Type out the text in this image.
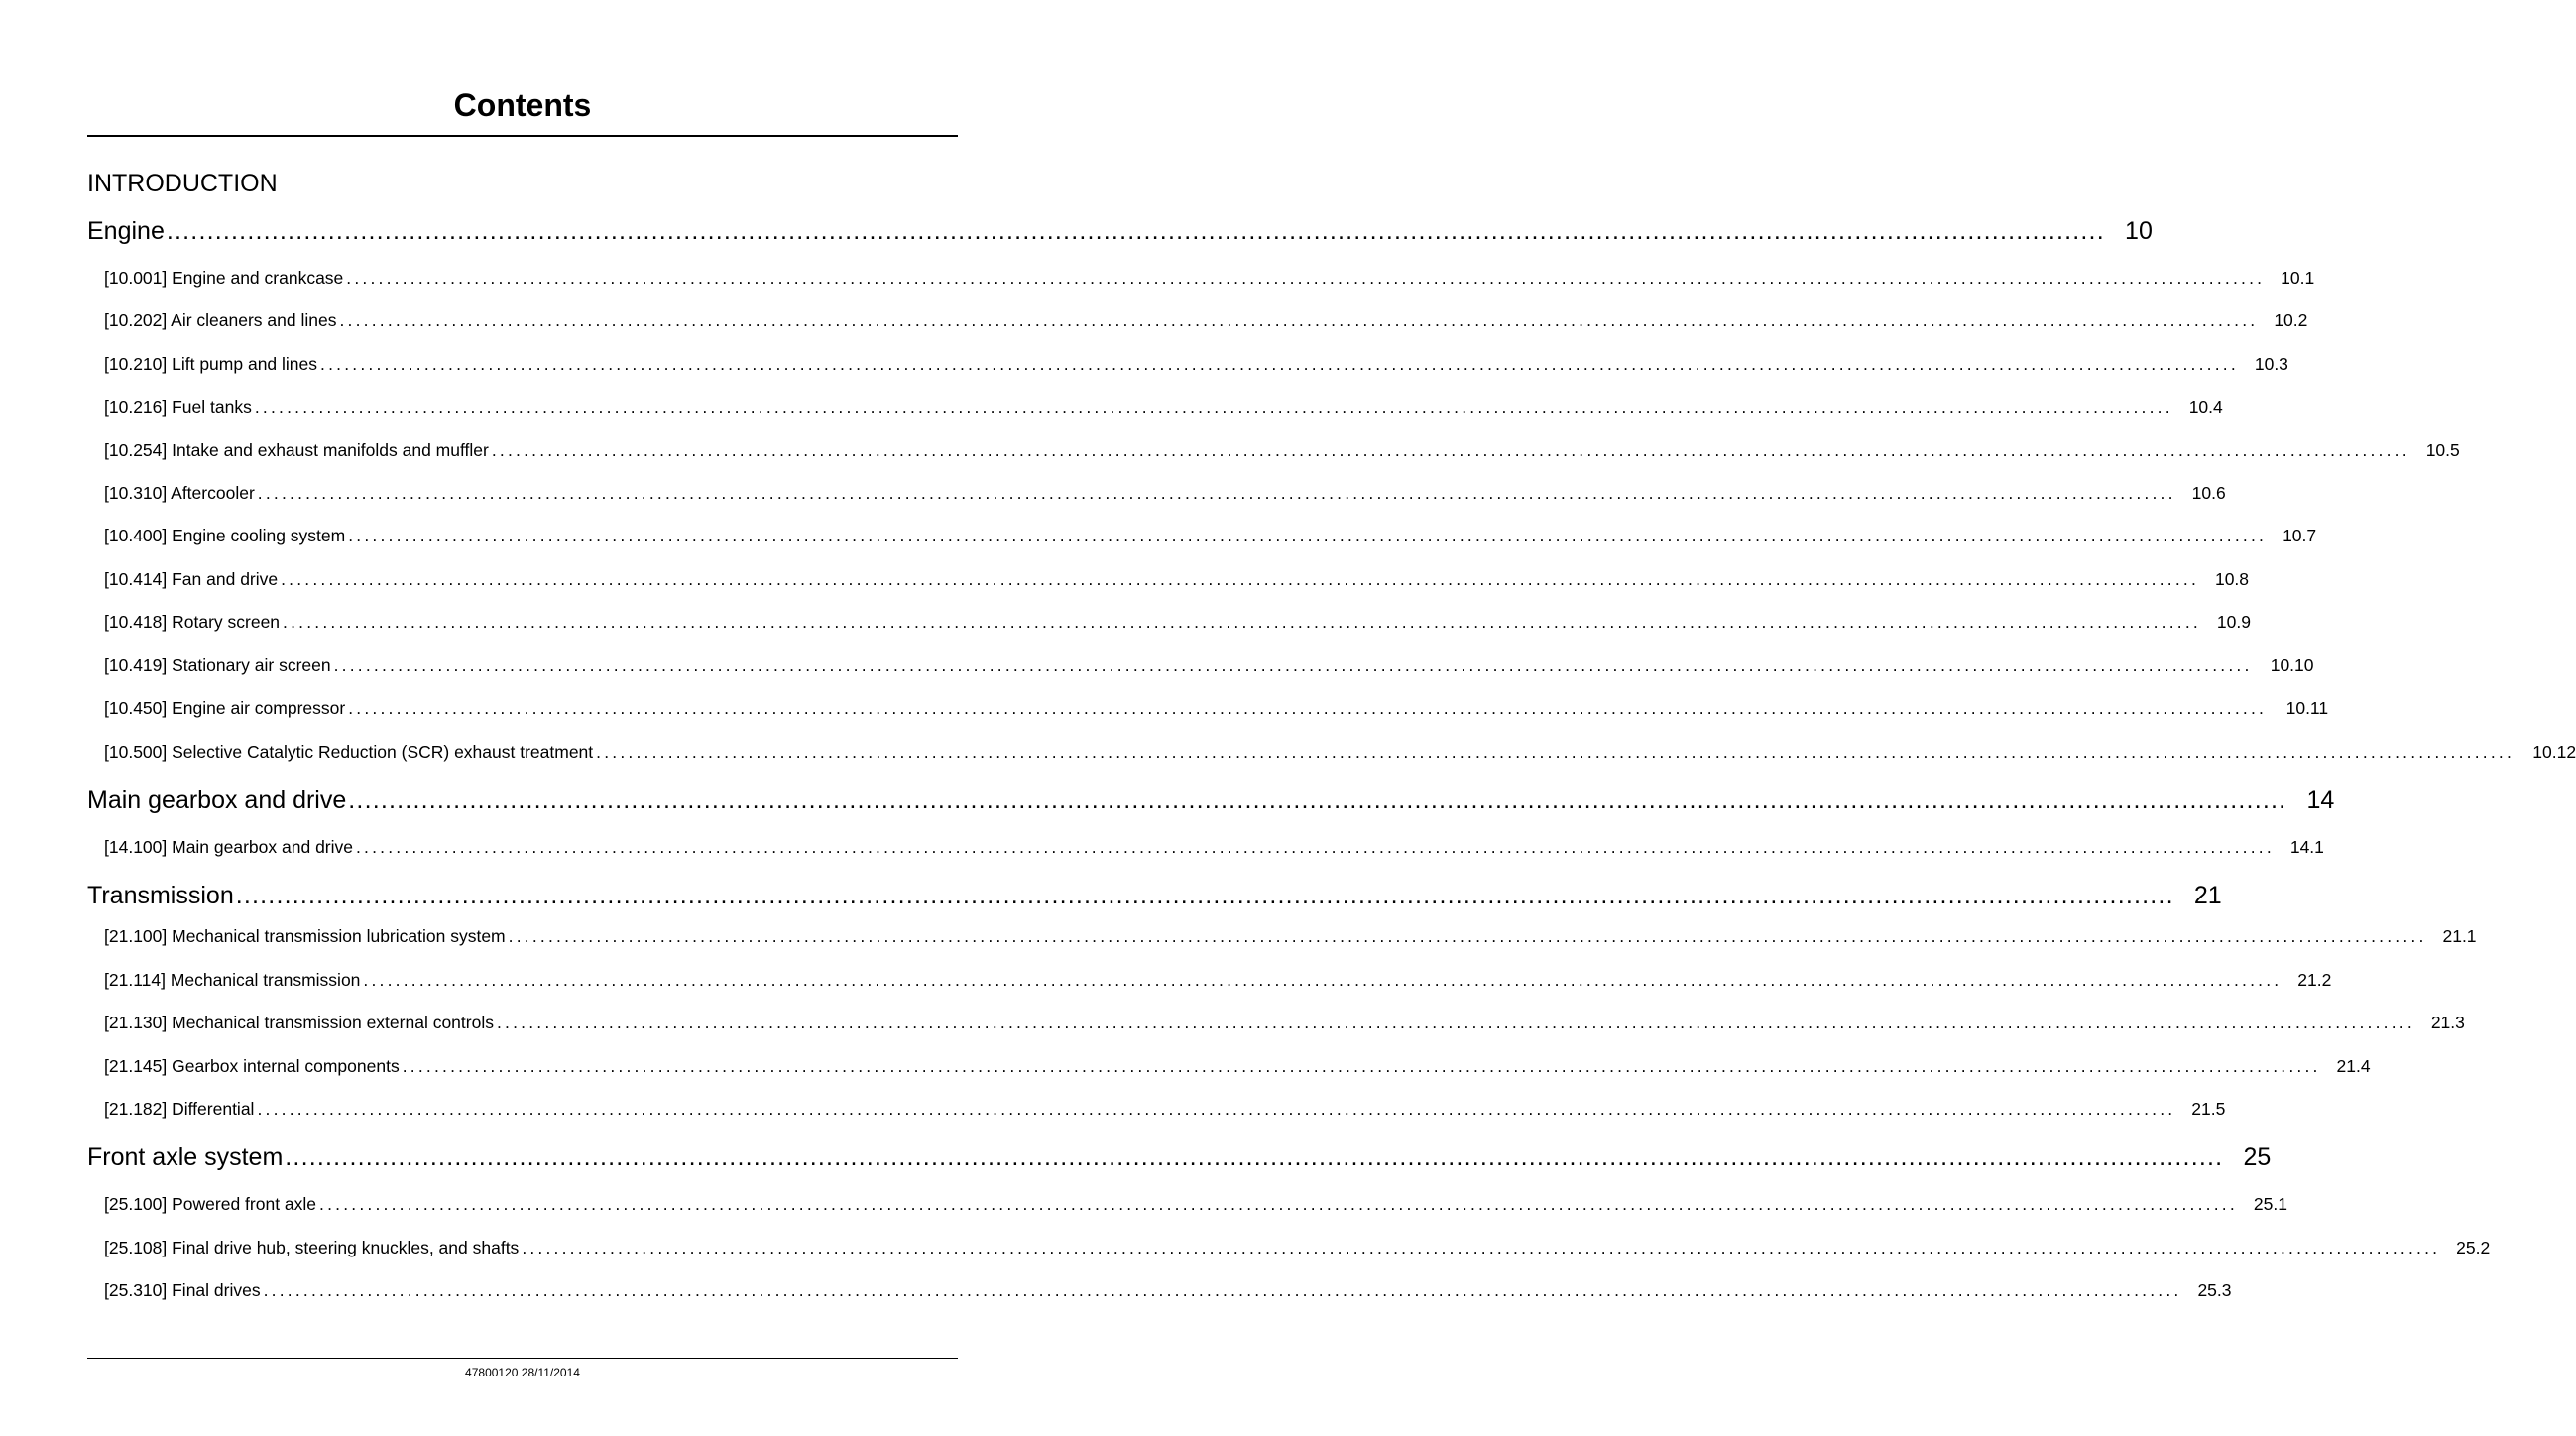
Contents
INTRODUCTION
Engine ................................................................................................................................................................................................................................................ 10
[10.001] Engine and crankcase ................................................................................................................................................................................................................................................ 10.1
[10.202] Air cleaners and lines ................................................................................................................................................................................................................................................ 10.2
[10.210] Lift pump and lines ................................................................................................................................................................................................................................................ 10.3
[10.216] Fuel tanks ................................................................................................................................................................................................................................................ 10.4
[10.254] Intake and exhaust manifolds and muffler ................................................................................................................................................................................................................................................ 10.5
[10.310] Aftercooler ................................................................................................................................................................................................................................................ 10.6
[10.400] Engine cooling system ................................................................................................................................................................................................................................................ 10.7
[10.414] Fan and drive ................................................................................................................................................................................................................................................ 10.8
[10.418] Rotary screen ................................................................................................................................................................................................................................................ 10.9
[10.419] Stationary air screen ................................................................................................................................................................................................................................................	10.10
[10.450] Engine air compressor ................................................................................................................................................................................................................................................	10.11
[10.500] Selective Catalytic Reduction (SCR) exhaust treatment ................................................................................................................................................................................................................................................	10.12
Main gearbox and drive ................................................................................................................................................................................................................................................ 14
[14.100] Main gearbox and drive ................................................................................................................................................................................................................................................ 14.1
Transmission ................................................................................................................................................................................................................................................ 21
[21.100] Mechanical transmission lubrication system ................................................................................................................................................................................................................................................ 21.1
[21.114] Mechanical transmission ................................................................................................................................................................................................................................................ 21.2
[21.130] Mechanical transmission external controls ................................................................................................................................................................................................................................................ 21.3
[21.145] Gearbox internal components ................................................................................................................................................................................................................................................ 21.4
[21.182] Differential ................................................................................................................................................................................................................................................ 21.5
Front axle system ................................................................................................................................................................................................................................................ 25
[25.100] Powered front axle ................................................................................................................................................................................................................................................ 25.1
[25.108] Final drive hub, steering knuckles, and shafts ................................................................................................................................................................................................................................................ 25.2
[25.310] Final drives ................................................................................................................................................................................................................................................ 25.3
47800120 28/11/2014
